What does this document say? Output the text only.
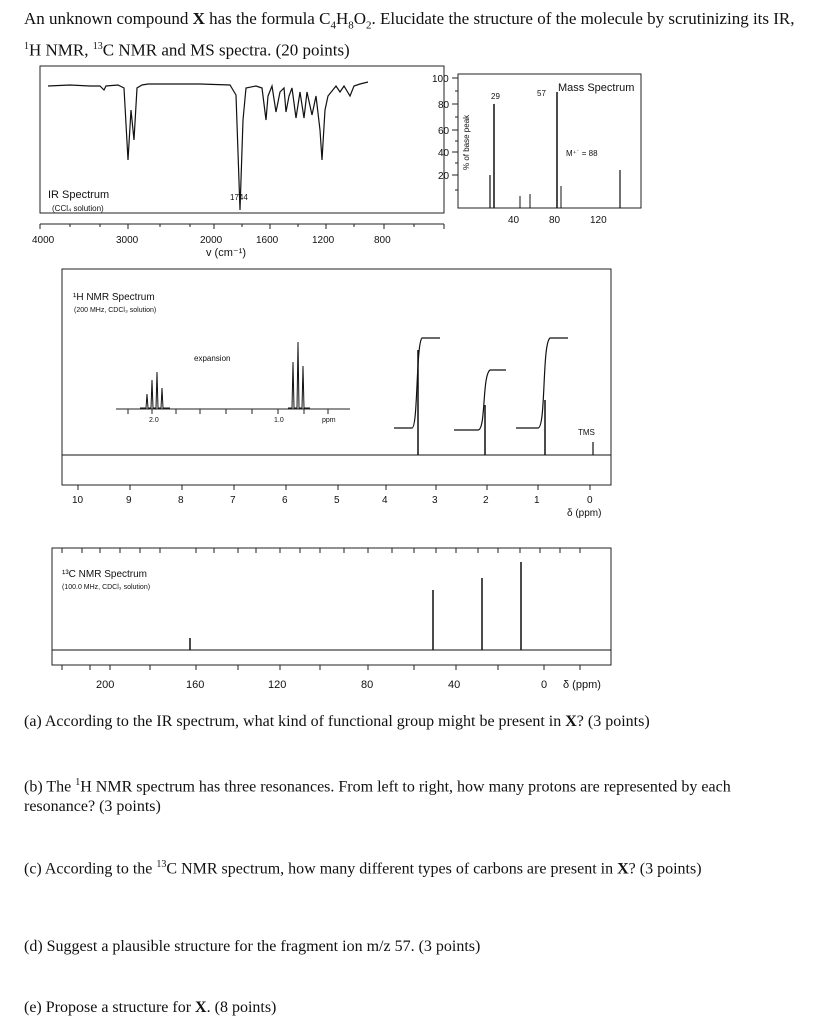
An unknown compound X has the formula $C_4H_8O_2$. Elucidate the structure of the molecule by scrutinizing its IR, $^1$H NMR, $^{13}$C NMR and MS spectra. (20 points)
IR Spectrum
(CCl₄ solution)
1744
4000	3000	2000	1600	1200	800
v (cm⁻¹)
100
80
60
40
20
% of base peak
29	57 Mass Spectrum
M⁺˙ = 88
40	80	120
¹H NMR Spectrum
(200 MHz, CDCl₃ solution)
expansion
2.0	1.0	ppm
TMS
10	9	8	7	6	5	4	3	2	1	0
δ (ppm)
¹³C NMR Spectrum
(100.0 MHz, CDCl₃ solution)
200	160	120	80	40	0 δ (ppm)
(a) According to the IR spectrum, what kind of functional group might be present in X? (3 points)
(b) The $^1$H NMR spectrum has three resonances. From left to right, how many protons are represented by each resonance? (3 points)
(c) According to the $^{13}$C NMR spectrum, how many different types of carbons are present in X? (3 points)
(d) Suggest a plausible structure for the fragment ion m/z 57. (3 points)
(e) Propose a structure for X. (8 points)
